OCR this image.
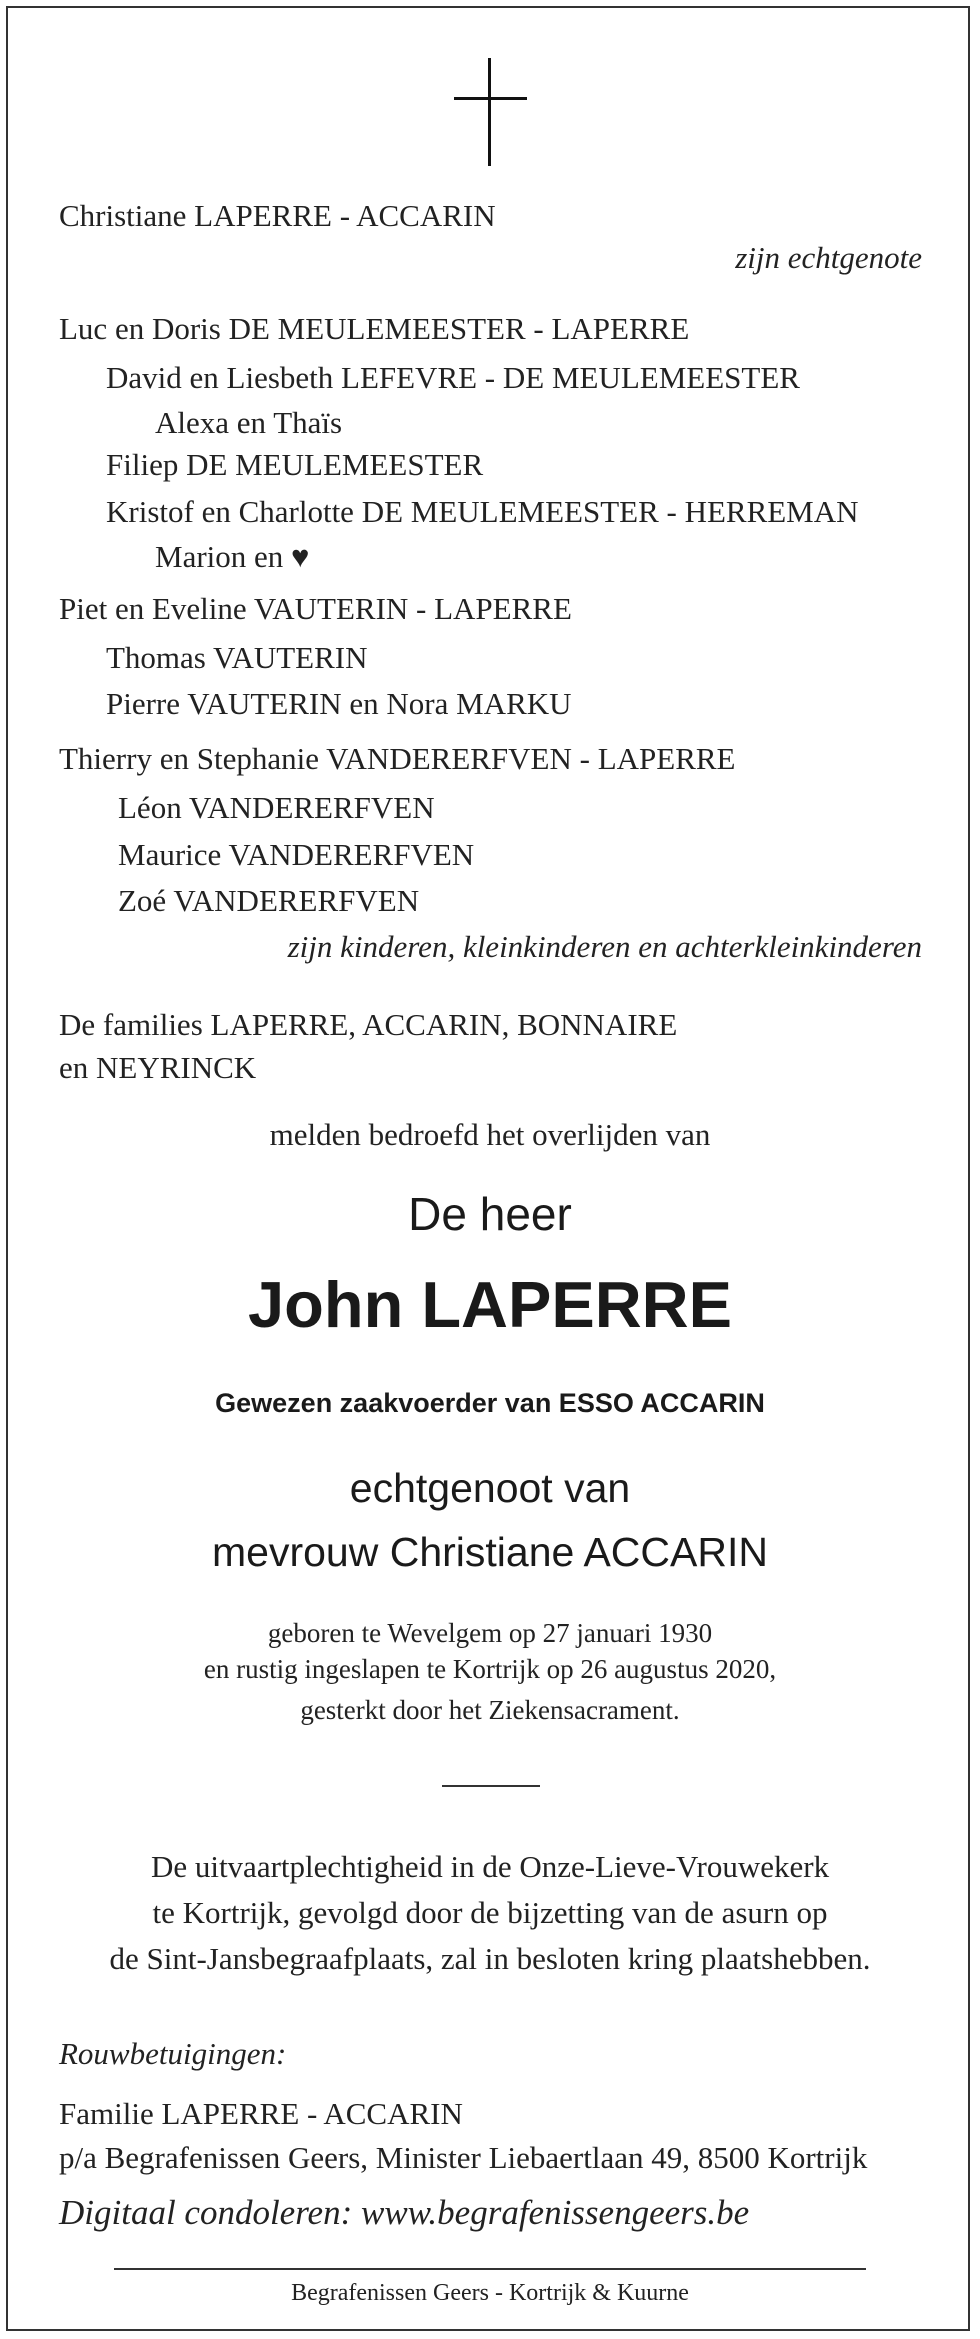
Christiane LAPERRE - ACCARIN
zijn echtgenote
Luc en Doris DE MEULEMEESTER - LAPERRE
David en Liesbeth LEFEVRE - DE MEULEMEESTER
Alexa en Thaïs
Filiep DE MEULEMEESTER
Kristof en Charlotte DE MEULEMEESTER - HERREMAN
Marion en ♥
Piet en Eveline VAUTERIN - LAPERRE
Thomas VAUTERIN
Pierre VAUTERIN en Nora MARKU
Thierry en Stephanie VANDERERFVEN - LAPERRE
Léon VANDERERFVEN
Maurice VANDERERFVEN
Zoé VANDERERFVEN
zijn kinderen, kleinkinderen en achterkleinkinderen
De families LAPERRE, ACCARIN, BONNAIRE
en NEYRINCK
melden bedroefd het overlijden van
De heer
John LAPERRE
Gewezen zaakvoerder van ESSO ACCARIN
echtgenoot van
mevrouw Christiane ACCARIN
geboren te Wevelgem op 27 januari 1930
en rustig ingeslapen te Kortrijk op 26 augustus 2020,
gesterkt door het Ziekensacrament.
De uitvaartplechtigheid in de Onze-Lieve-Vrouwekerk
te Kortrijk, gevolgd door de bijzetting van de asurn op
de Sint-Jansbegraafplaats, zal in besloten kring plaatshebben.
Rouwbetuigingen:
Familie LAPERRE - ACCARIN
p/a Begrafenissen Geers, Minister Liebaertlaan 49, 8500 Kortrijk
Digitaal condoleren: www.begrafenissengeers.be
Begrafenissen Geers - Kortrijk & Kuurne
